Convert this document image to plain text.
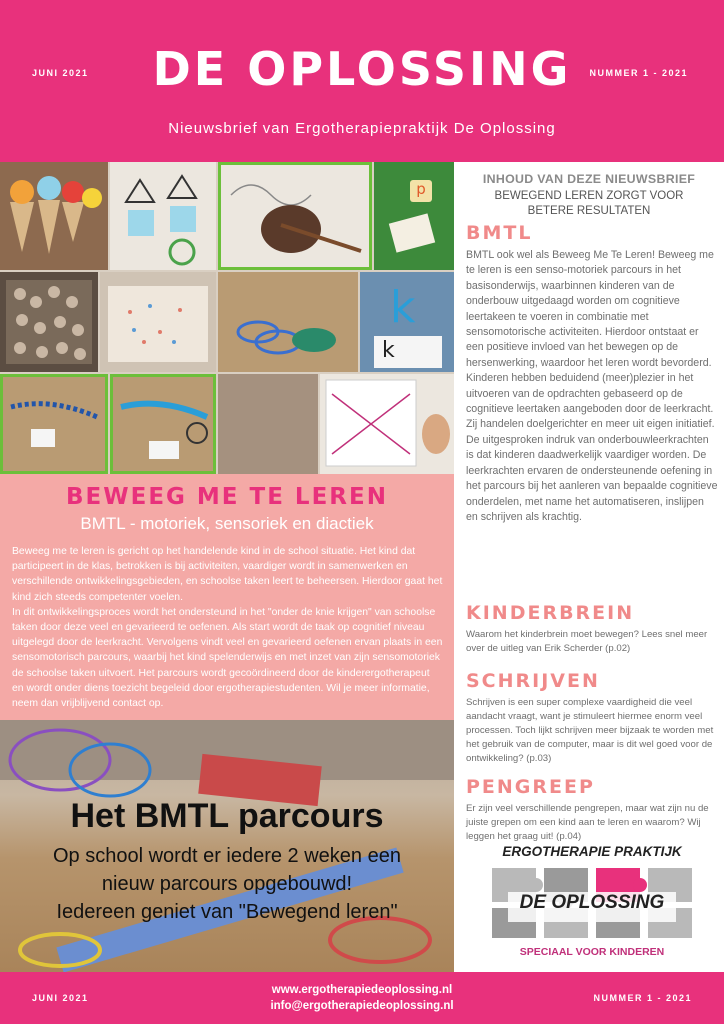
JUNI 2021	DE OPLOSSING	NUMMER 1 - 2021
Nieuwsbrief van Ergotherapiepraktijk De Oplossing
p
k
k
BEWEEG ME TE LEREN
BMTL - motoriek, sensoriek en diactiek

Beweeg me te leren is gericht op het handelende kind in de school situatie. Het kind dat participeert in de klas, betrokken is bij activiteiten, vaardiger wordt in samenwerken en verschillende ontwikkelingsgebieden, en schoolse taken leert te beheersen. Hierdoor gaat het kind zich steeds competenter voelen.

In dit ontwikkelingsproces wordt het ondersteund in het "onder de knie krijgen" van schoolse taken door deze veel en gevarieerd te oefenen. Als start wordt de taak op cognitief niveau uitgelegd door de leerkracht. Vervolgens vindt veel en gevarieerd oefenen ervan plaats in een sensomotorisch parcours, waarbij het kind spelenderwijs en met inzet van zijn sensomotoriek de schoolse taken uitvoert. Het parcours wordt gecoördineerd door de kinderergotherapeut en wordt onder diens toezicht begeleid door ergotherapiestudenten. Wil je meer informatie, neem dan vrijblijvend contact op.

Het BMTL parcours
Op school wordt er iedere 2 weken een
nieuw parcours opgebouwd!
Iedereen geniet van "Bewegend leren"
INHOUD VAN DEZE NIEUWSBRIEF
BEWEGEND LEREN ZORGT VOOR
BETERE RESULTATEN
BMTL
BMTL ook wel als Beweeg Me Te Leren! Beweeg me te leren is een senso-motoriek parcours in het basisonderwijs, waarbinnen kinderen van de onderbouw uitgedaagd worden om cognitieve leertakeen te voeren in combinatie met sensomotorische activiteiten. Hierdoor ontstaat er een positieve invloed van het bewegen op de hersenwerking, waardoor het leren wordt bevorderd. Kinderen hebben beduidend (meer)plezier in het uitvoeren van de opdrachten gebaseerd op de cognitieve leertaken aangeboden door de leerkracht. Zij handelen doelgerichter en meer uit eigen initiatief. De uitgesproken indruk van onderbouwleerkrachten is dat kinderen daadwerkelijk vaardiger worden. De leerkrachten ervaren de ondersteunende oefening in het parcours bij het aanleren van bepaalde cognitieve onderdelen, met name het automatiseren, inslijpen en schrijven als krachtig.
KINDERBREIN
Waarom het kinderbrein moet bewegen? Lees snel meer over de uitleg van Erik Scherder (p.02)
SCHRIJVEN
Schrijven is een super complexe vaardigheid die veel aandacht vraagt, want je stimuleert hiermee enorm veel processen. Toch lijkt schrijven meer bijzaak te worden met het gebruik van de computer, maar is dit wel goed voor de ontwikkeling? (p.03)
PENGREEP
Er zijn veel verschillende pengrepen, maar wat zijn nu de juiste grepen om een kind aan te leren en waarom? Wij leggen het graag uit! (p.04)
ERGOTHERAPIE PRAKTIJK
DE OPLOSSING
SPECIAAL VOOR KINDEREN
JUNI 2021
www.ergotherapiedeoplossing.nl
info@ergotherapiedeoplossing.nl
NUMMER 1 - 2021
